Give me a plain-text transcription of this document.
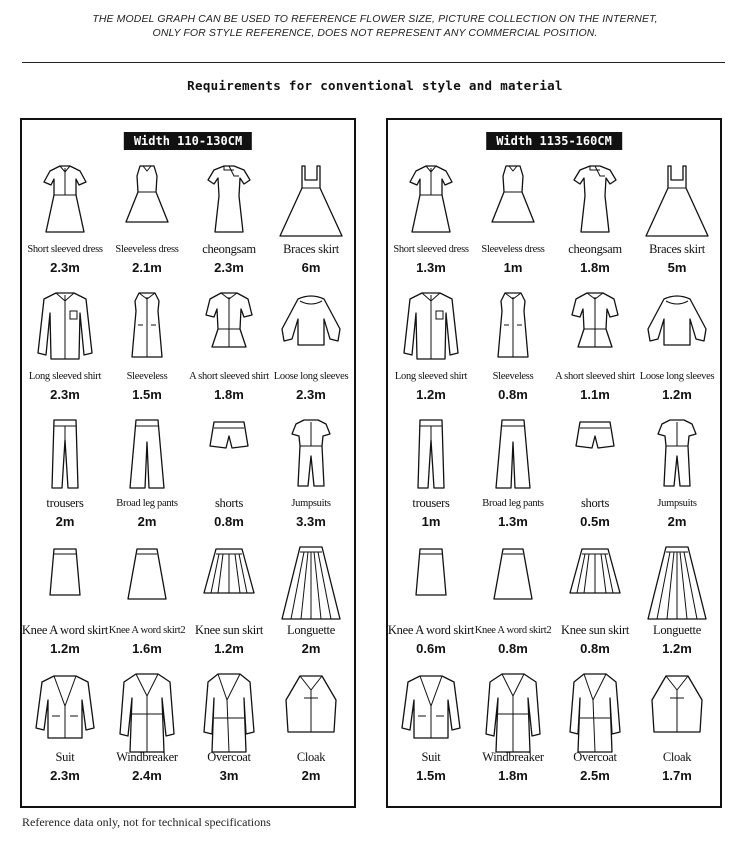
THE MODEL GRAPH CAN BE USED TO REFERENCE FLOWER SIZE, PICTURE COLLECTION ON THE INTERNET,
ONLY FOR STYLE REFERENCE, DOES NOT REPRESENT ANY COMMERCIAL POSITION.
Requirements for conventional style and material
Width 110-130CM
Short sleeved dress
2.3m
Sleeveless dress
2.1m
cheongsam
2.3m
Braces skirt
6m
Long sleeved shirt
2.3m
Sleeveless
1.5m
A short sleeved shirt
1.8m
Loose long sleeves
2.3m
trousers
2m
Broad leg pants
2m
shorts
0.8m
Jumpsuits
3.3m
Knee A word skirt
1.2m
Knee A word skirt2
1.6m
Knee sun skirt
1.2m
Longuette
2m
Suit
2.3m
Windbreaker
2.4m
Overcoat
3m
Cloak
2m
Width 1135-160CM
Short sleeved dress
1.3m
Sleeveless dress
1m
cheongsam
1.8m
Braces skirt
5m
Long sleeved shirt
1.2m
Sleeveless
0.8m
A short sleeved shirt
1.1m
Loose long sleeves
1.2m
trousers
1m
Broad leg pants
1.3m
shorts
0.5m
Jumpsuits
2m
Knee A word skirt
0.6m
Knee A word skirt2
0.8m
Knee sun skirt
0.8m
Longuette
1.2m
Suit
1.5m
Windbreaker
1.8m
Overcoat
2.5m
Cloak
1.7m
Reference data only, not for technical specifications
